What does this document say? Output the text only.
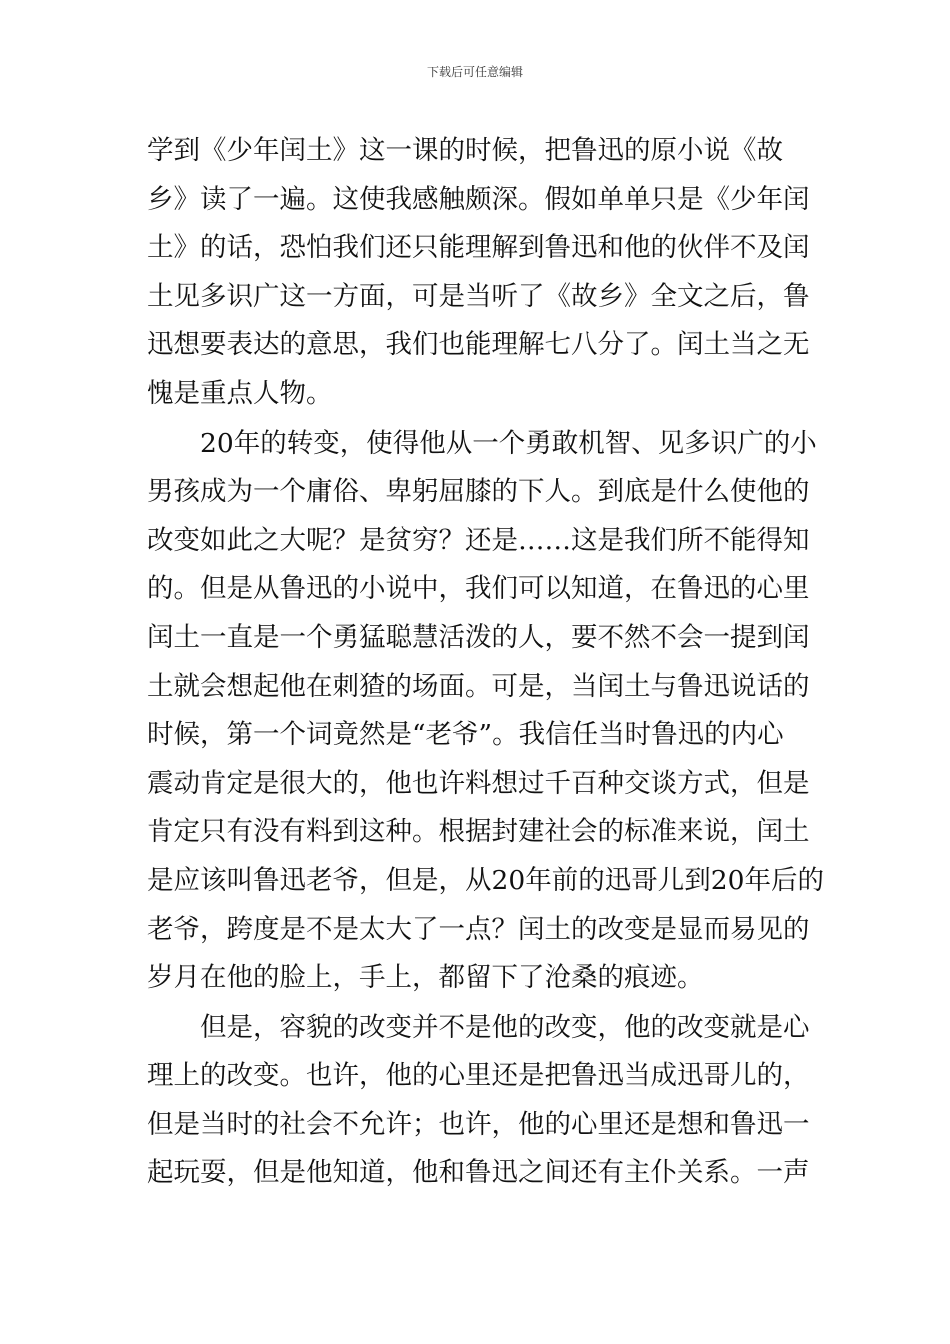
下载后可任意编辑
学到《少年闰土》这一课的时候，把鲁迅的原小说《故
乡》读了一遍。这使我感触颇深。假如单单只是《少年闰
土》的话，恐怕我们还只能理解到鲁迅和他的伙伴不及闰
土见多识广这一方面，可是当听了《故乡》全文之后，鲁
迅想要表达的意思，我们也能理解七八分了。闰土当之无
愧是重点人物。
20年的转变，使得他从一个勇敢机智、见多识广的小
男孩成为一个庸俗、卑躬屈膝的下人。到底是什么使他的
改变如此之大呢？是贫穷？还是……这是我们所不能得知
的。但是从鲁迅的小说中，我们可以知道，在鲁迅的心里
闰土一直是一个勇猛聪慧活泼的人，要不然不会一提到闰
土就会想起他在刺猹的场面。可是，当闰土与鲁迅说话的
时候，第一个词竟然是“老爷”。我信任当时鲁迅的内心
震动肯定是很大的，他也许料想过千百种交谈方式，但是
肯定只有没有料到这种。根据封建社会的标准来说，闰土
是应该叫鲁迅老爷，但是，从20年前的迅哥儿到20年后的
老爷，跨度是不是太大了一点？闰土的改变是显而易见的
岁月在他的脸上，手上，都留下了沧桑的痕迹。
但是，容貌的改变并不是他的改变，他的改变就是心
理上的改变。也许，他的心里还是把鲁迅当成迅哥儿的，
但是当时的社会不允许；也许，他的心里还是想和鲁迅一
起玩耍，但是他知道，他和鲁迅之间还有主仆关系。一声
